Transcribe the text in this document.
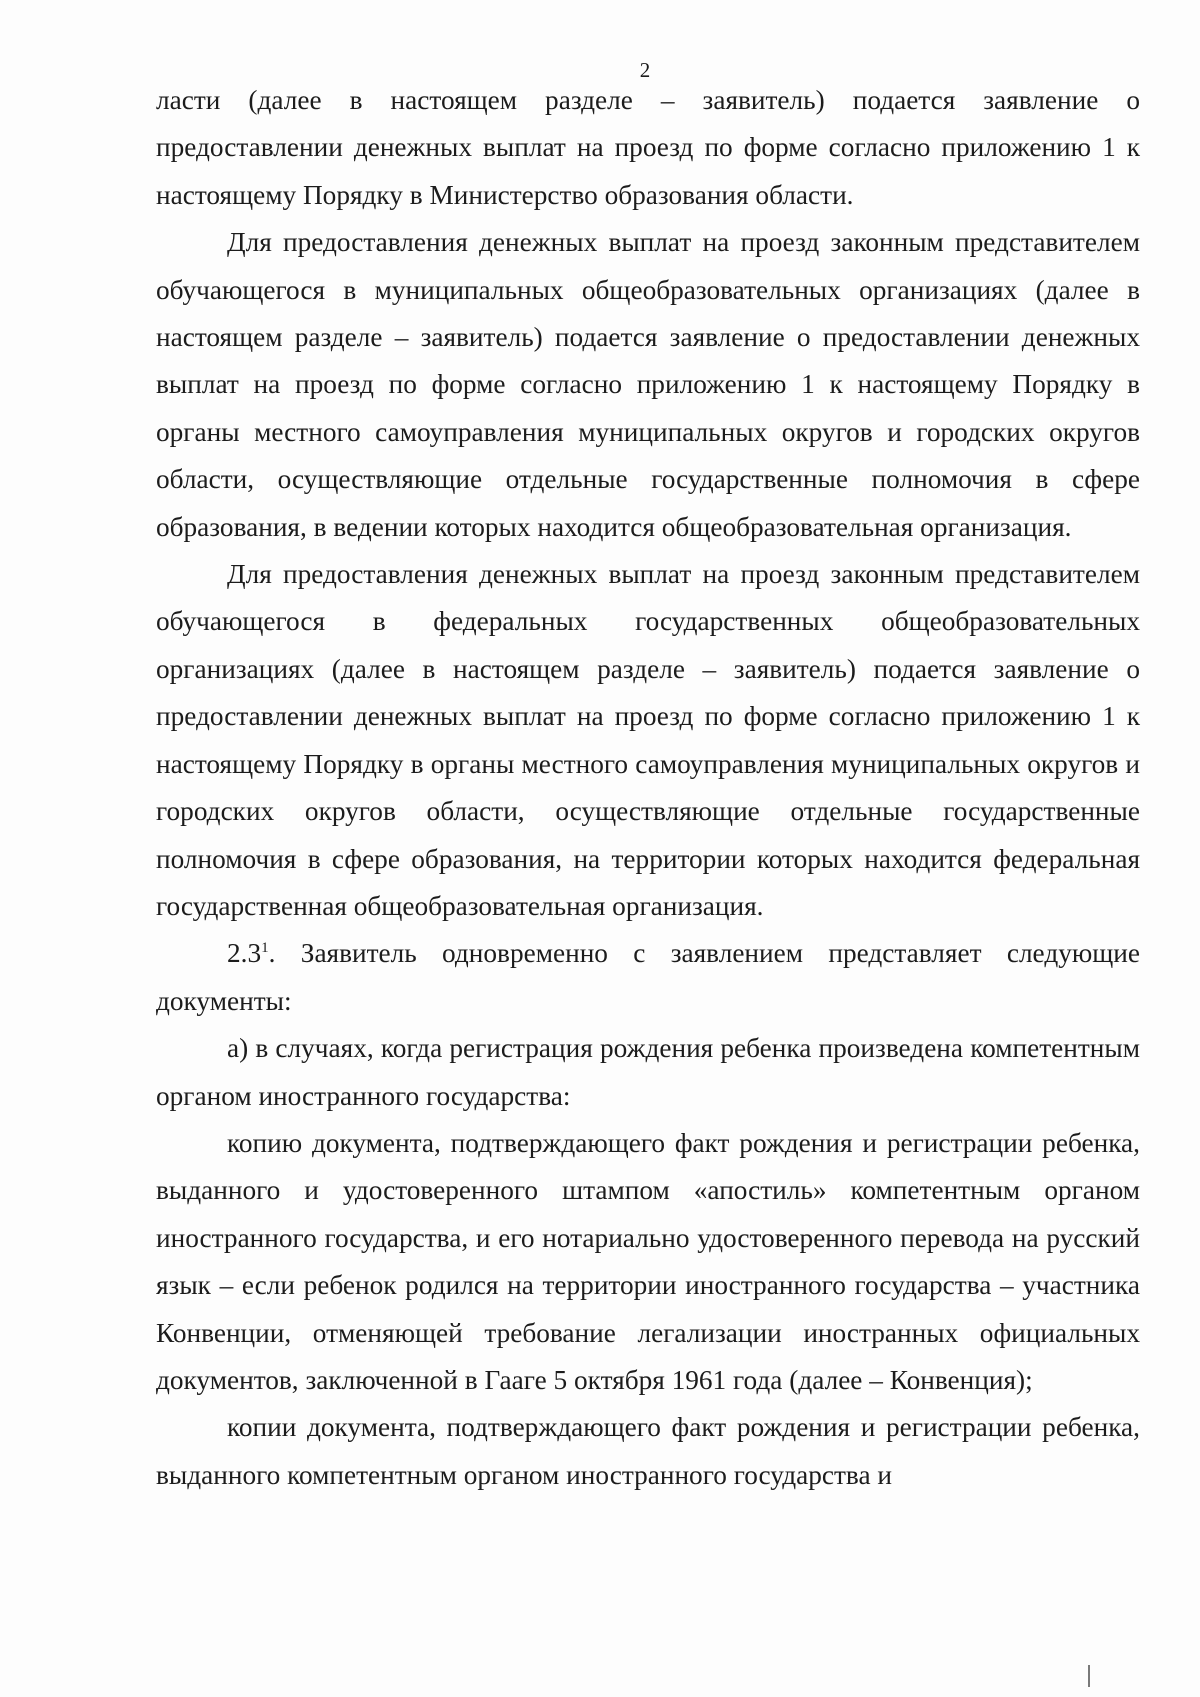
2

ласти (далее в настоящем разделе – заявитель) подается заявление о предоставлении денежных выплат на проезд по форме согласно приложению 1 к настоящему Порядку в Министерство образования области.

Для предоставления денежных выплат на проезд законным представителем обучающегося в муниципальных общеобразовательных организациях (далее в настоящем разделе – заявитель) подается заявление о предоставлении денежных выплат на проезд по форме согласно приложению 1 к настоящему Порядку в органы местного самоуправления муниципальных округов и городских округов области, осуществляющие отдельные государственные полномочия в сфере образования, в ведении которых находится общеобразовательная организация.

Для предоставления денежных выплат на проезд законным представителем обучающегося в федеральных государственных общеобразовательных организациях (далее в настоящем разделе – заявитель) подается заявление о предоставлении денежных выплат на проезд по форме согласно приложению 1 к настоящему Порядку в органы местного самоуправления муниципальных округов и городских округов области, осуществляющие отдельные государственные полномочия в сфере образования, на территории которых находится федеральная государственная общеобразовательная организация.

$2.3^1$. Заявитель одновременно с заявлением представляет следующие документы:

а) в случаях, когда регистрация рождения ребенка произведена компетентным органом иностранного государства:

копию документа, подтверждающего факт рождения и регистрации ребенка, выданного и удостоверенного штампом «апостиль» компетентным органом иностранного государства, и его нотариально удостоверенного перевода на русский язык – если ребенок родился на территории иностранного государства – участника Конвенции, отменяющей требование легализации иностранных официальных документов, заключенной в Гааге 5 октября 1961 года (далее – Конвенция);

копии документа, подтверждающего факт рождения и регистрации ребенка, выданного компетентным органом иностранного государства и
